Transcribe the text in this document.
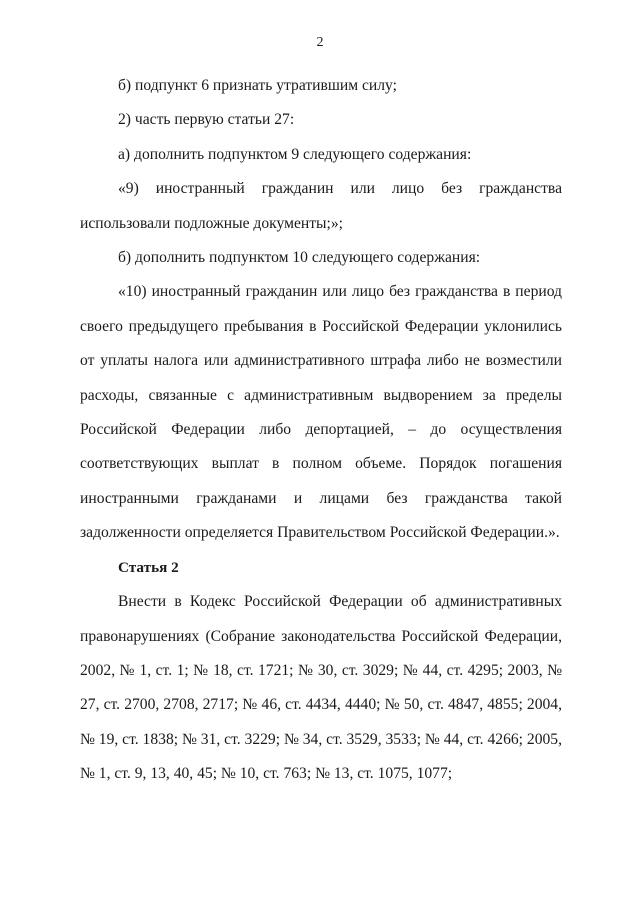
2

б) подпункт 6 признать утратившим силу;

2) часть первую статьи 27:

а) дополнить подпунктом 9 следующего содержания:

«9) иностранный гражданин или лицо без гражданства использовали подложные документы;»;

б) дополнить подпунктом 10 следующего содержания:

«10) иностранный гражданин или лицо без гражданства в период своего предыдущего пребывания в Российской Федерации уклонились от уплаты налога или административного штрафа либо не возместили расходы, связанные с административным выдворением за пределы Российской Федерации либо депортацией, – до осуществления соответствующих выплат в полном объеме. Порядок погашения иностранными гражданами и лицами без гражданства такой задолженности определяется Правительством Российской Федерации.».

Статья 2

Внести в Кодекс Российской Федерации об административных правонарушениях (Собрание законодательства Российской Федерации, 2002, № 1, ст. 1; № 18, ст. 1721; № 30, ст. 3029; № 44, ст. 4295; 2003, № 27, ст. 2700, 2708, 2717; № 46, ст. 4434, 4440; № 50, ст. 4847, 4855; 2004, № 19, ст. 1838; № 31, ст. 3229; № 34, ст. 3529, 3533; № 44, ст. 4266; 2005, № 1, ст. 9, 13, 40, 45; № 10, ст. 763; № 13, ст. 1075, 1077;
